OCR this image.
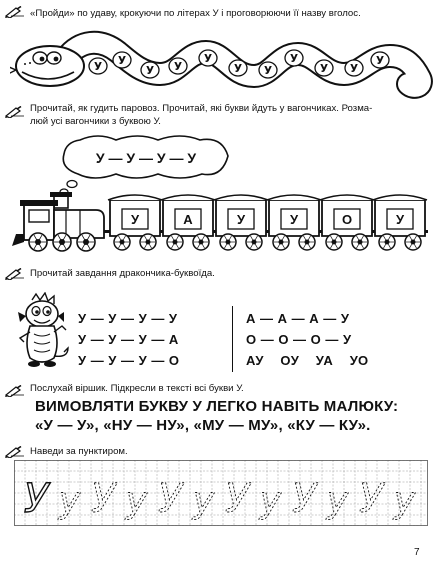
«Пройди» по удаву, крокуючи по літерах У і проговорюючи її назву вголос.
У У
У У
У
У У
У
У У
У
Прочитай, як гудить паровоз. Прочитай, які букви йдуть у вагончиках. Розма-
люй усі вагончики з буквою У.
У — У — У — У
У	А	У	У	О	У
Прочитай завдання дракончика-буквоїда.
У — У — У — У
У — У — У — А
У — У — У — О
А — А — А — У
О — О — О — У
АУ    ОУ    УА    УО
Послухай віршик. Підкресли в тексті всі букви У.
ВИМОВЛЯТИ БУКВУ У ЛЕГКО НАВІТЬ МАЛЮКУ:
«У — У», «НУ — НУ», «МУ — МУ», «КУ — КУ».
Наведи за пунктиром.
У у У у У у У у У у У у
7
